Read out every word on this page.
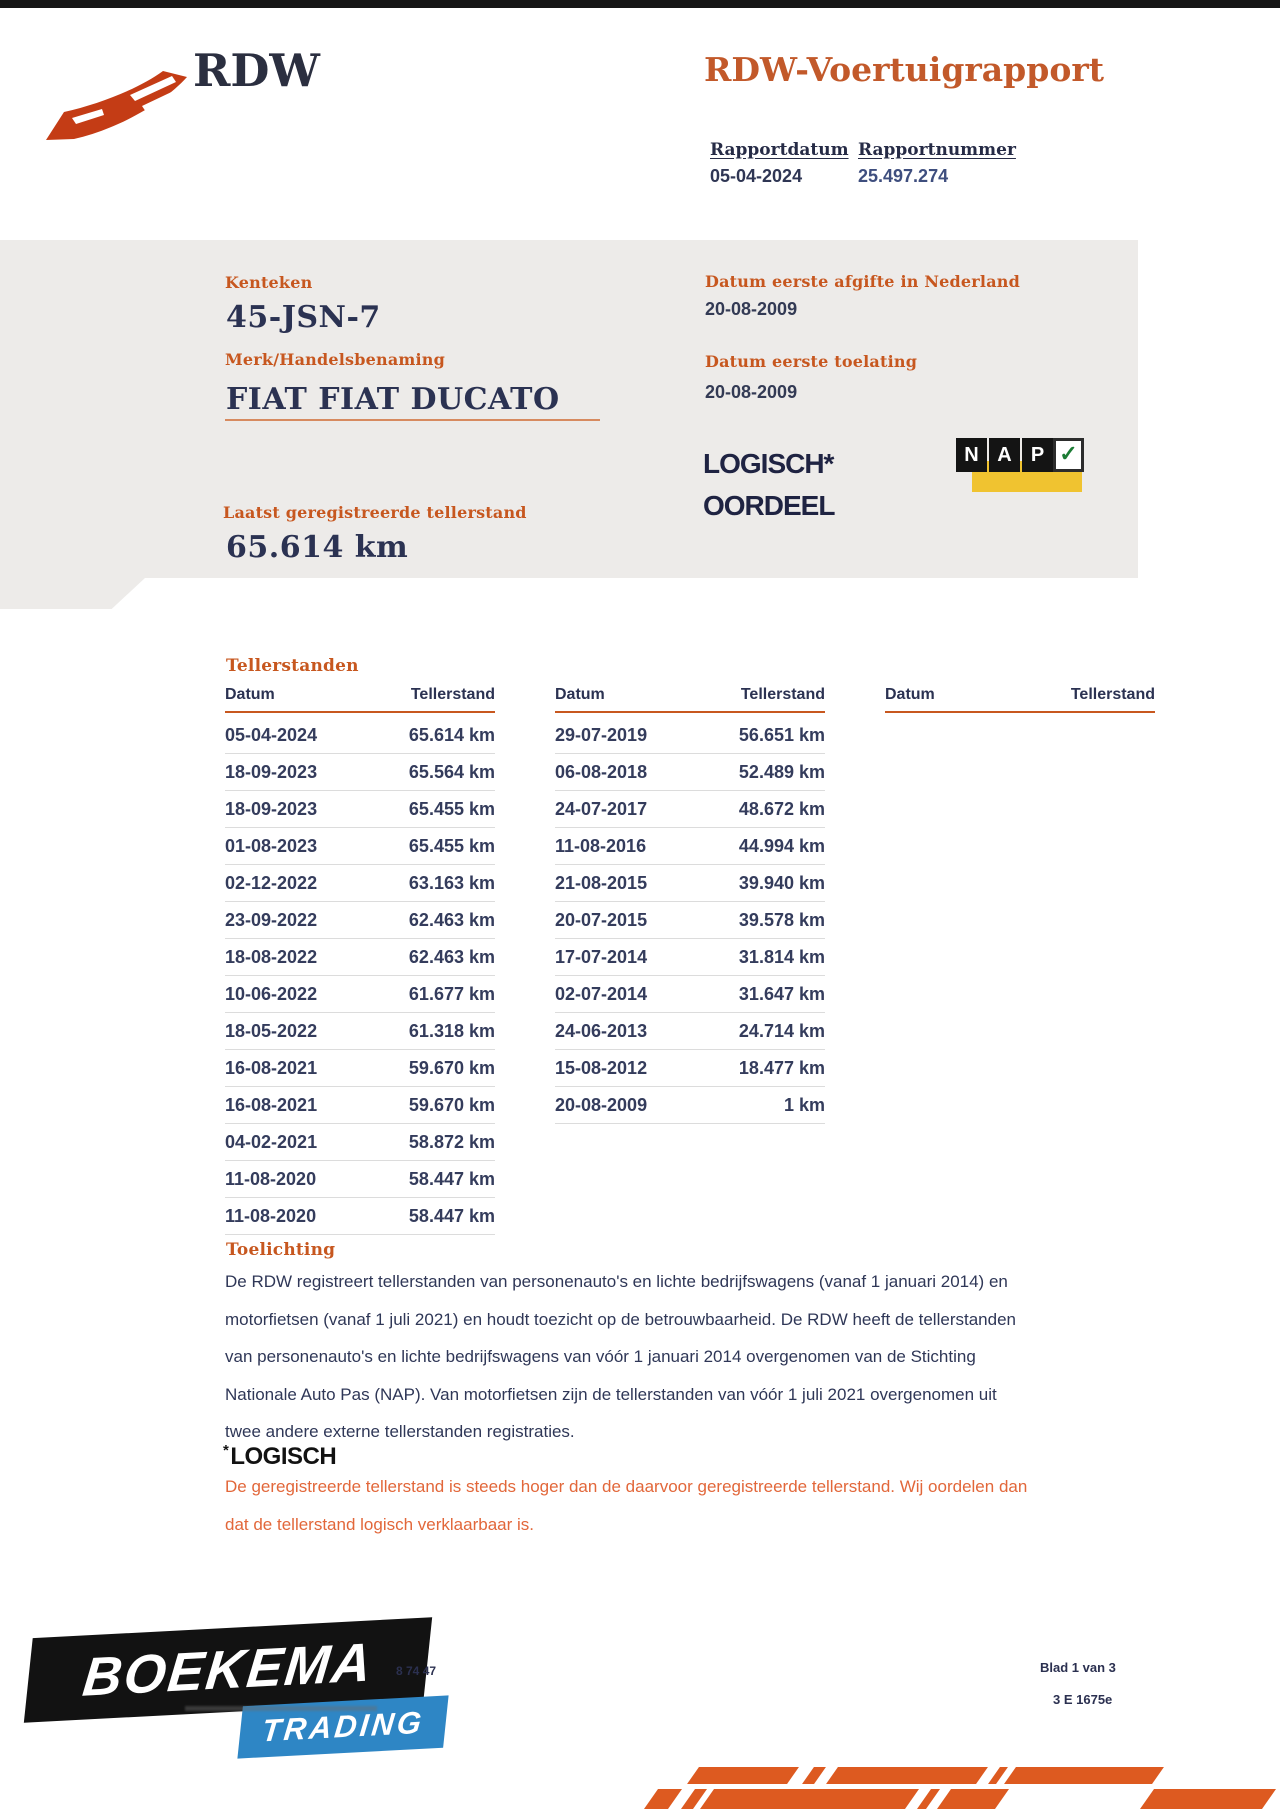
RDW	RDW-Voertuigrapport
Rapportdatum Rapportnummer
05-04-2024	25.497.274
Kenteken
45-JSN-7
Merk/Handelsbenaming
FIAT FIAT DUCATO
Laatst geregistreerde tellerstand
65.614 km
Datum eerste afgifte in Nederland
20-08-2009
Datum eerste toelating
20-08-2009
LOGISCH*
OORDEEL
N A P ✓
Tellerstanden
Datum	Tellerstand
05-04-2024	65.614 km
18-09-2023	65.564 km
18-09-2023	65.455 km
01-08-2023	65.455 km
02-12-2022	63.163 km
23-09-2022	62.463 km
18-08-2022	62.463 km
10-06-2022	61.677 km
18-05-2022	61.318 km
16-08-2021	59.670 km
16-08-2021	59.670 km
04-02-2021	58.872 km
11-08-2020	58.447 km
11-08-2020	58.447 km
Datum	Tellerstand
29-07-2019	56.651 km
06-08-2018	52.489 km
24-07-2017	48.672 km
11-08-2016	44.994 km
21-08-2015	39.940 km
20-07-2015	39.578 km
17-07-2014	31.814 km
02-07-2014	31.647 km
24-06-2013	24.714 km
15-08-2012	18.477 km
20-08-2009	1 km
Datum	Tellerstand
Toelichting
De RDW registreert tellerstanden van personenauto's en lichte bedrijfswagens (vanaf 1 januari 2014) en
motorfietsen (vanaf 1 juli 2021) en houdt toezicht op de betrouwbaarheid. De RDW heeft de tellerstanden
van personenauto's en lichte bedrijfswagens van vóór 1 januari 2014 overgenomen van de Stichting
Nationale Auto Pas (NAP). Van motorfietsen zijn de tellerstanden van vóór 1 juli 2021 overgenomen uit
twee andere externe tellerstanden registraties.
*LOGISCH
De geregistreerde tellerstand is steeds hoger dan de daarvoor geregistreerde tellerstand. Wij oordelen dan
dat de tellerstand logisch verklaarbaar is.
BOEKEMA
TRADING
8 74 47	Blad 1 van 3
3 E 1675e
